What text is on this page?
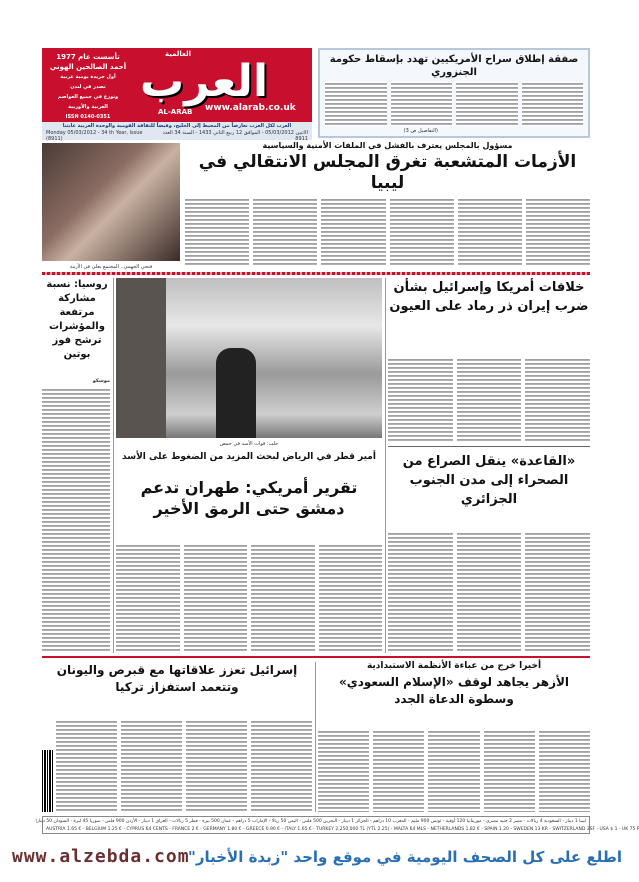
العرب
العالمية
AL-ARAB www.alarab.co.uk
تأسست عام 1977
أحمد الصالحين الهوني
أول جريدة يومية عربية
تصدر في لندن
وتوزع في جميع العواصم
العربية والأوربية
ISSN 0140-0351
العرب لكل العرب تعارضاً من المحيط إلى الخليج، وفيضاً للثقافة القومية والوحدة العربية غايتنا
Monday 05/03/2012 - 34 th Year, Issue (8911)
الاثنين 05/03/2012 - الموافق 12 ربيع الثاني 1433 - السنة 34 العدد 8911
صفقة إطلاق سراح الأمريكيين تهدد بإسقاط حكومة الجنزوري
(التفاصيل ص 3)
فتحي الجهمي.. المجتمع يغلي في الأزمة
مسؤول بالمجلس يعترف بالفشل في الملفات الأمنية والسياسية
الأزمات المتشعبة تغرق المجلس الانتقالي في ليبيا
روسيا: نسبة مشاركة مرتفعة والمؤشرات ترشح فوز بوتين
موسكو
حلب: قوات الأسد في حمص
أمير قطر في الرياض لبحث المزيد من الضغوط على الأسد
تقرير أمريكي: طهران تدعم دمشق حتى الرمق الأخير
خلافات أمريكا وإسرائيل بشأن ضرب إيران ذر رماد على العيون
«القاعدة» ينقل الصراع من الصحراء إلى مدن الجنوب الجزائري
إسرائيل تعزز علاقاتها مع قبرص واليونان وتتعمد استفزاز تركيا
أخيرا خرج من عباءة الأنظمة الاستبدادية
الأزهر يجاهد لوقف «الإسلام السعودي» وسطوة الدعاة الجدد
ليبيا 1 دينار - السعودية 4 ريالات - مصر 2 جنيه مصري - موريتانيا 120 أوقية - تونس 900 مليم - المغرب 10 دراهم - الجزائر 1 دينار - البحرين 500 فلس - اليمن 50 ريالا - الإمارات 5 دراهم - عمان 500 بيزة - قطر 5 ريالات - العراق 1 دينار - الأردن 900 فلس - سوريا 45 ليرة - السودان 50 دينارا
AUSTRIA 1.65 € - BELGIUM 1.25 € - CYPRUS 64 CENTS - FRANCE 2 € - GERMANY 1.80 € - GREECE 0.90 € - ITALY 1.65 € - TURKEY 2,250,000 TL (YTL 2.25) - MALTA 64 MLS - NETHERLANDS 1.82 € - SPAIN 1.20 - SWEDEN 13 KR - SWITZERLAND 3SF - USA $ 1 - UK 75 P
www.alzebda.com
اطلع على كل الصحف اليومية في موقع واحد "زبدة الأخبار"
